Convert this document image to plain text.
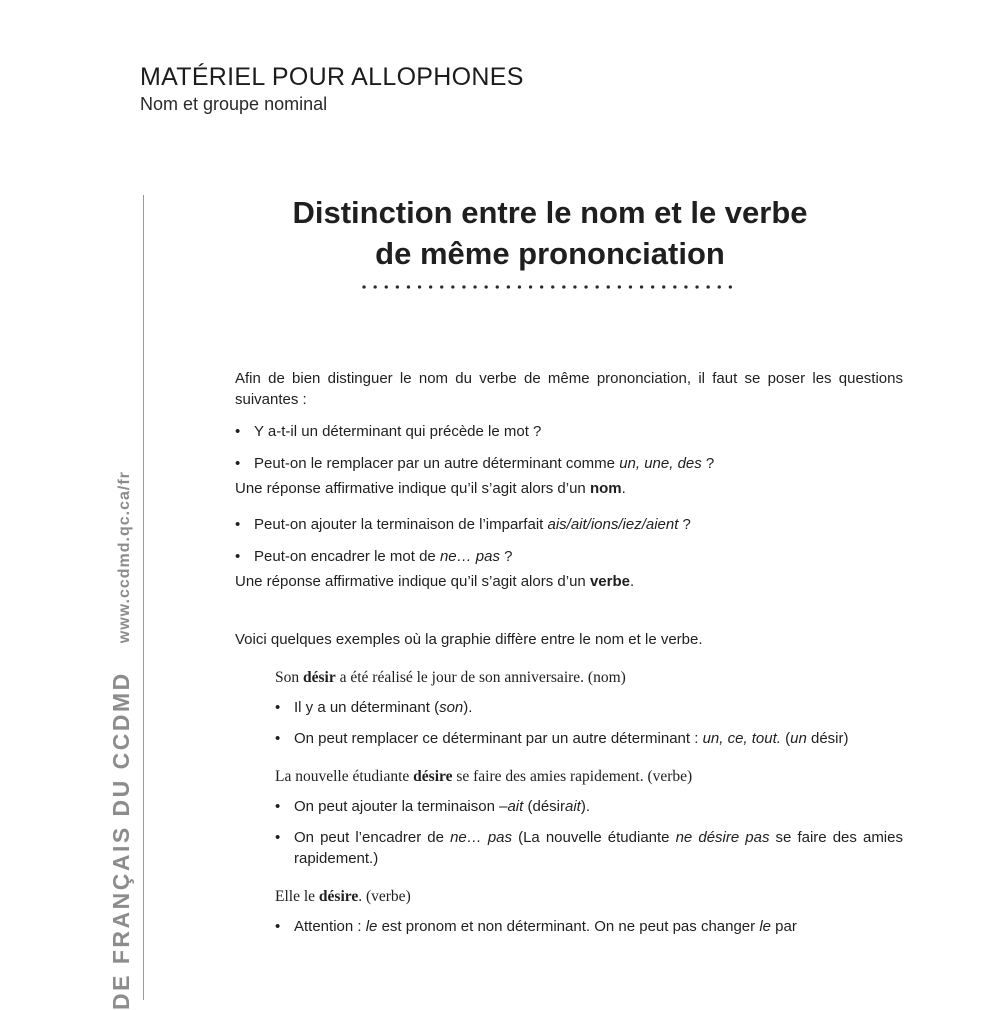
MATÉRIEL POUR ALLOPHONES
Nom et groupe nominal
DE FRANÇAIS DU CCDMDwww.ccdmd.qc.ca/fr
Distinction entre le nom et le verbe
de même prononciation

Afin de bien distinguer le nom du verbe de même prononciation, il faut se poser les questions suivantes :

• Y a-t-il un déterminant qui précède le mot ?
• Peut-on le remplacer par un autre déterminant comme un, une, des ?

Une réponse affirmative indique qu’il s’agit alors d’un nom.

• Peut-on ajouter la terminaison de l’imparfait ais/ait/ions/iez/aient ?
• Peut-on encadrer le mot de ne… pas ?

Une réponse affirmative indique qu’il s’agit alors d’un verbe.

Voici quelques exemples où la graphie diffère entre le nom et le verbe.

Son désir a été réalisé le jour de son anniversaire. (nom)

• Il y a un déterminant (son).
• On peut remplacer ce déterminant par un autre déterminant : un, ce, tout. (un désir)

La nouvelle étudiante désire se faire des amies rapidement. (verbe)

• On peut ajouter la terminaison –ait (désirait).
• On peut l’encadrer de ne… pas (La nouvelle étudiante ne désire pas se faire des amies rapidement.)

Elle le désire. (verbe)

• Attention : le est pronom et non déterminant. On ne peut pas changer le par
